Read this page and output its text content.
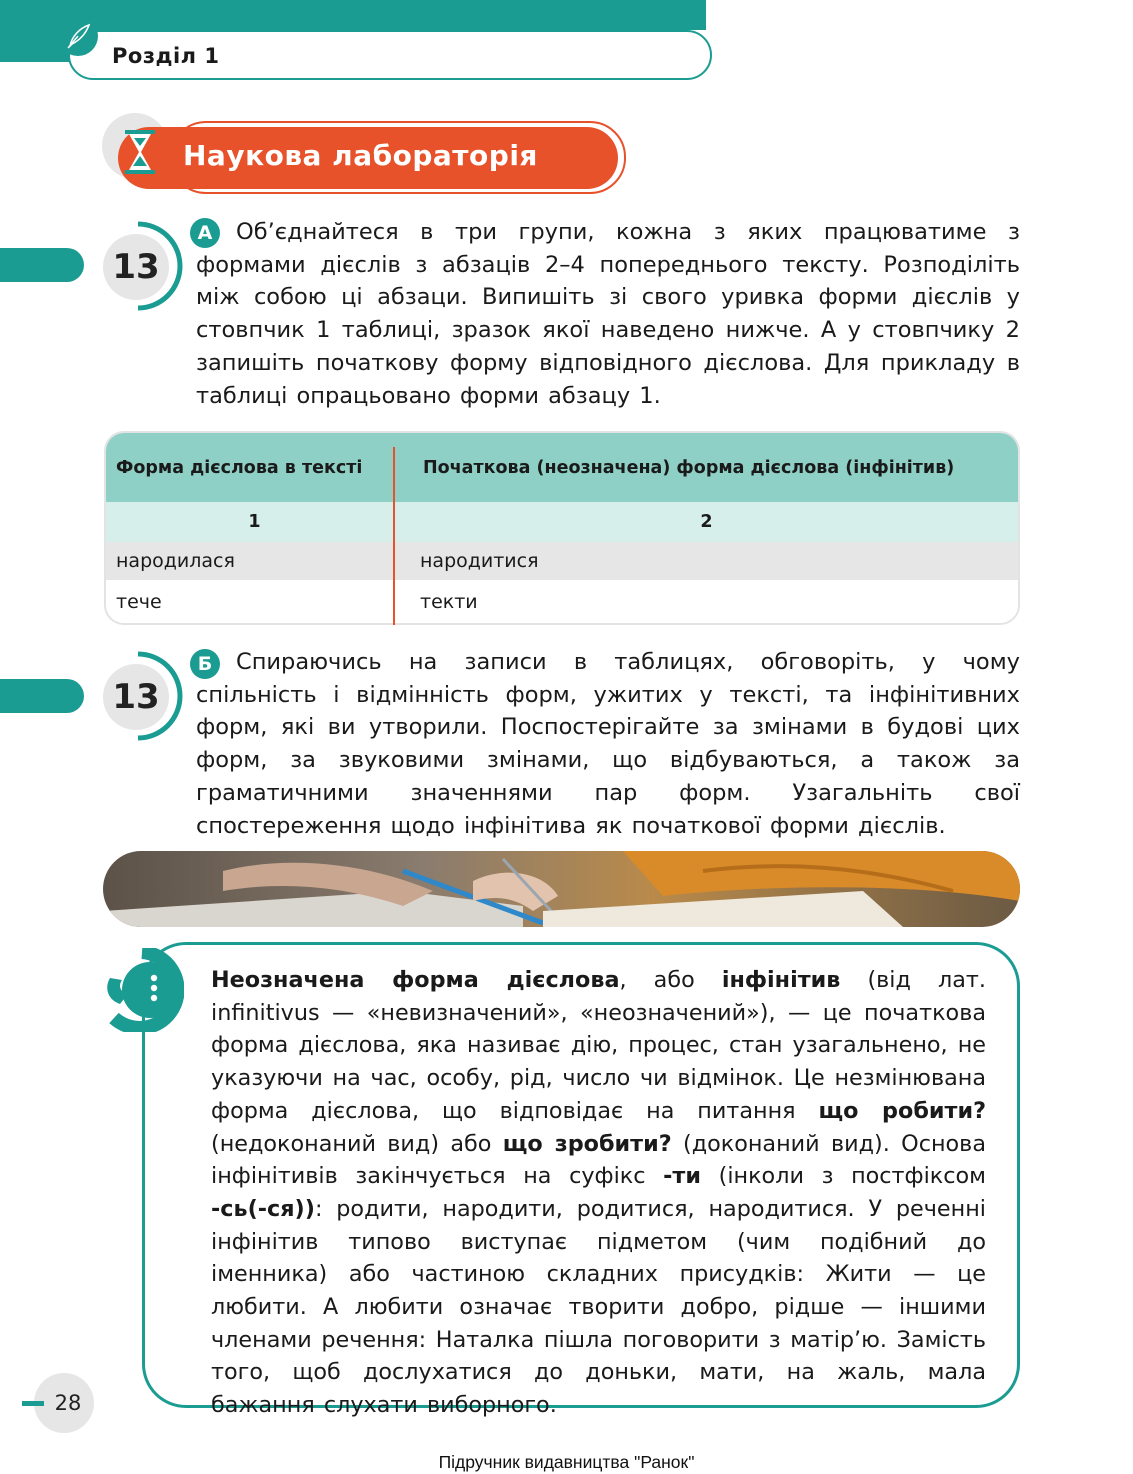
Розділ 1
Наукова лабораторія
13
А	Об’єднайтеся в три групи, кожна з яких працюватиме з формами дієслів з абзаців 2–4 попереднього тексту. Розподіліть між собою ці абзаци. Випишіть зі свого уривка форми дієслів у стовпчик 1 таблиці, зразок якої наведено нижче. А у стовпчику 2 запишіть початкову форму відповідного дієслова. Для прикладу в таблиці опрацьовано форми абзацу 1.
Форма дієслова в тексті	Початкова (неозначена) форма дієслова (інфінітив)
1	2
народилася	народитися
тече	текти
13
Б	Спираючись на записи в таблицях, обговоріть, у чому спільність і відмінність форм, ужитих у тексті, та інфінітивних форм, які ви утворили. Поспостерігайте за змінами в будові цих форм, за звуковими змінами, що відбуваються, а також за граматичними значеннями пар форм. Узагальніть свої спостереження щодо інфінітива як початкової форми дієслів.
Неозначена форма дієслова, або інфінітив (від лат. infinitivus — «невизначений», «неозначений»), — це початкова форма дієслова, яка називає дію, процес, стан узагальнено, не указуючи на час, особу, рід, число чи відмінок. Це незмінювана форма дієслова, що відповідає на питання що робити? (недоконаний вид) або що зробити? (доконаний вид). Основа інфінітивів закінчується на суфікс -ти (інколи з постфіксом -сь(-ся)): родити, народити, родитися, народитися. У реченні інфінітив типово виступає підметом (чим подібний до іменника) або частиною складних присудків: Жити — це любити. А любити означає творити добро, рідше — іншими членами речення: Наталка пішла поговорити з матір’ю. Замість того, щоб дослухатися до доньки, мати, на жаль, мала бажання слухати виборного.
28
Підручник видавництва "Ранок"
